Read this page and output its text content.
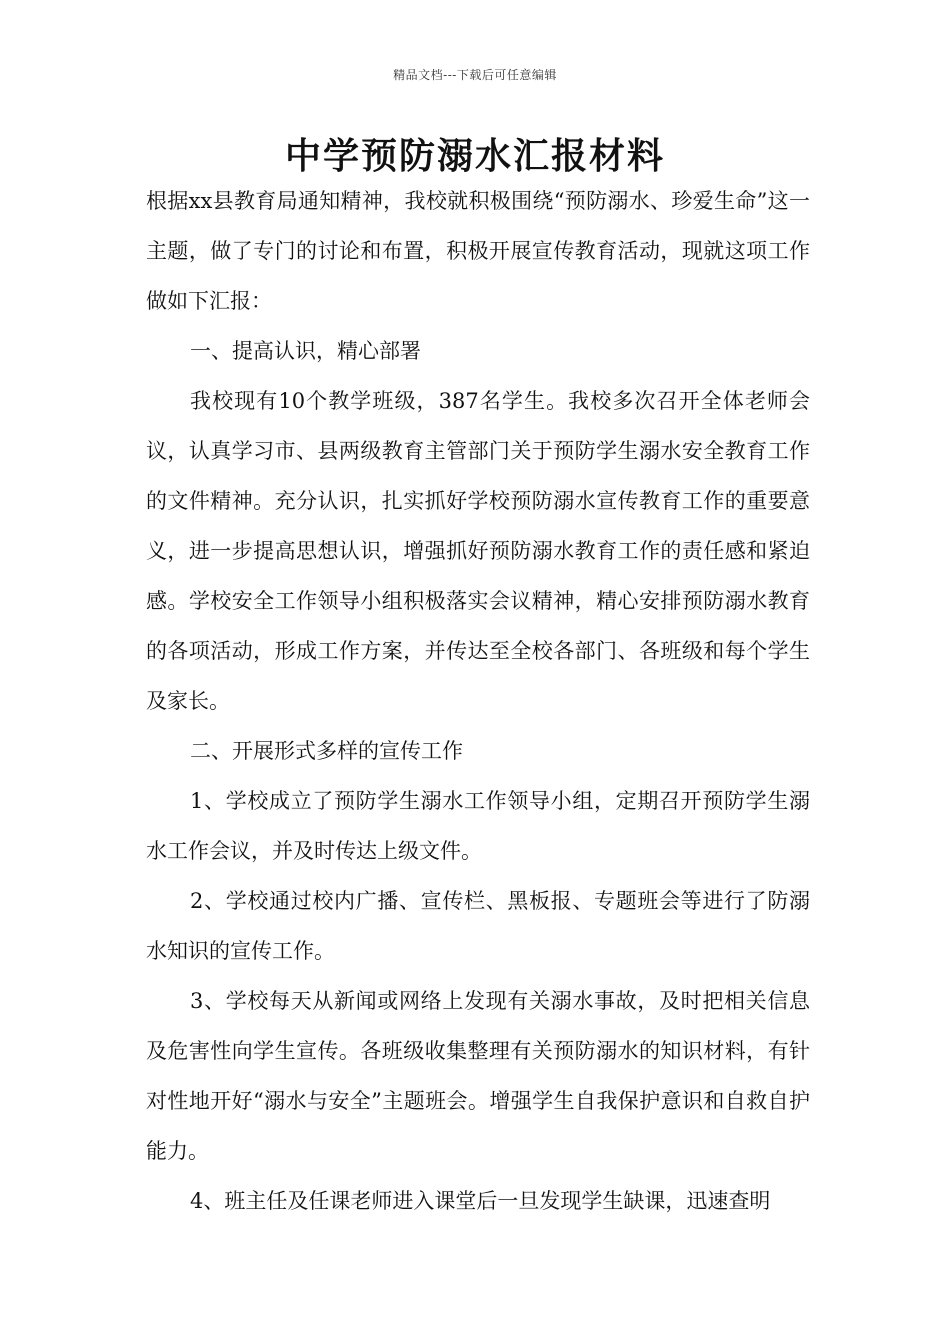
精品文档---下载后可任意编辑
中学预防溺水汇报材料

根据xx县教育局通知精神，我校就积极围绕“预防溺水、珍爱生命”这一主题，做了专门的讨论和布置，积极开展宣传教育活动，现就这项工作做如下汇报：

一、提高认识，精心部署

我校现有10个教学班级，387名学生。我校多次召开全体老师会议，认真学习市、县两级教育主管部门关于预防学生溺水安全教育工作的文件精神。充分认识，扎实抓好学校预防溺水宣传教育工作的重要意义，进一步提高思想认识，增强抓好预防溺水教育工作的责任感和紧迫感。学校安全工作领导小组积极落实会议精神，精心安排预防溺水教育的各项活动，形成工作方案，并传达至全校各部门、各班级和每个学生及家长。

二、开展形式多样的宣传工作

1、学校成立了预防学生溺水工作领导小组，定期召开预防学生溺水工作会议，并及时传达上级文件。

2、学校通过校内广播、宣传栏、黑板报、专题班会等进行了防溺水知识的宣传工作。

3、学校每天从新闻或网络上发现有关溺水事故，及时把相关信息及危害性向学生宣传。各班级收集整理有关预防溺水的知识材料，有针对性地开好“溺水与安全”主题班会。增强学生自我保护意识和自救自护能力。

4、班主任及任课老师进入课堂后一旦发现学生缺课，迅速查明
